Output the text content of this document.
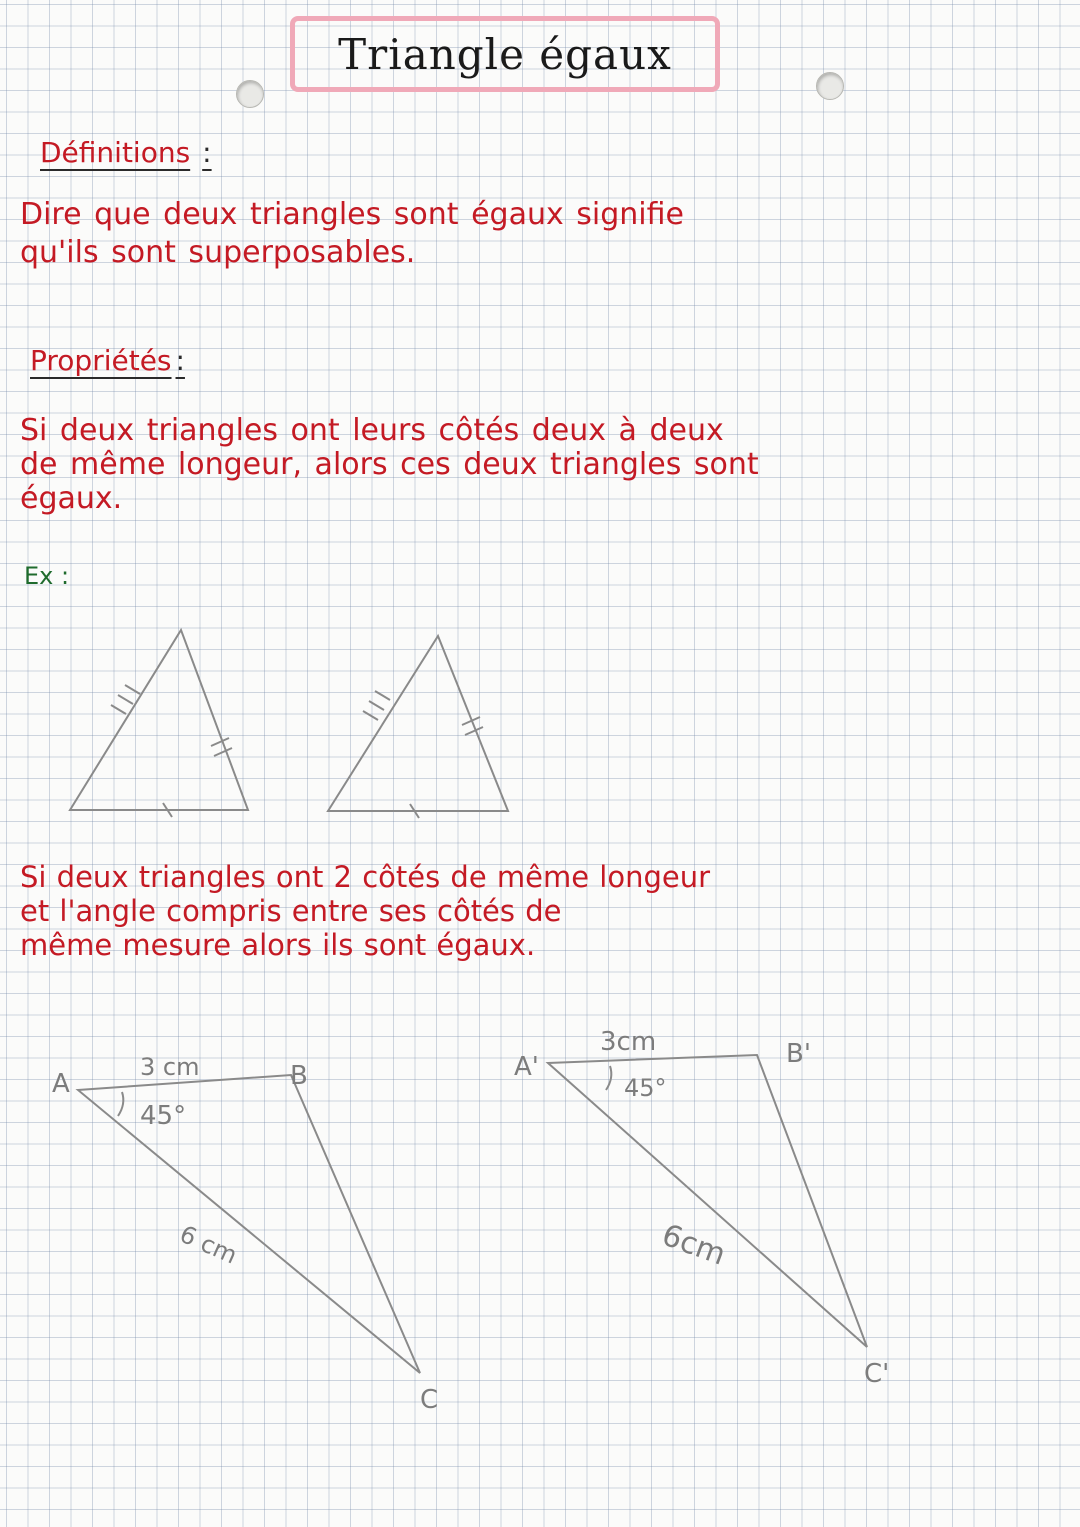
Triangle égaux
Définitions :

Dire que deux triangles sont égaux signifie
qu'ils sont superposables.

Propriétés :

Si deux triangles ont leurs côtés deux à deux
de même longeur, alors ces deux triangles sont
égaux.

Ex :
A	B
C
3 cm
45°
6 cm
A'	B'
C'
3cm
45°
6cm

Si deux triangles ont 2 côtés de même longeur
et l'angle compris entre ses côtés de
même mesure alors ils sont égaux.
